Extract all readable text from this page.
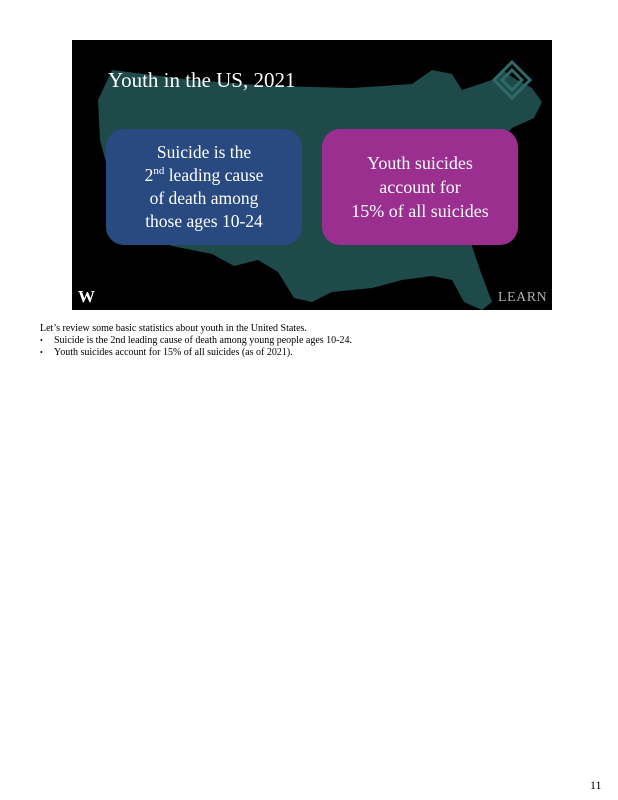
Youth in the US, 2021
Suicide is the
2nd leading cause
of death among
those ages 10-24
Youth suicides
account for
15% of all suicides
W	LEARN
Let’s review some basic statistics about youth in the United States.
• Suicide is the 2nd leading cause of death among young people ages 10-24.
• Youth suicides account for 15% of all suicides (as of 2021).
11
